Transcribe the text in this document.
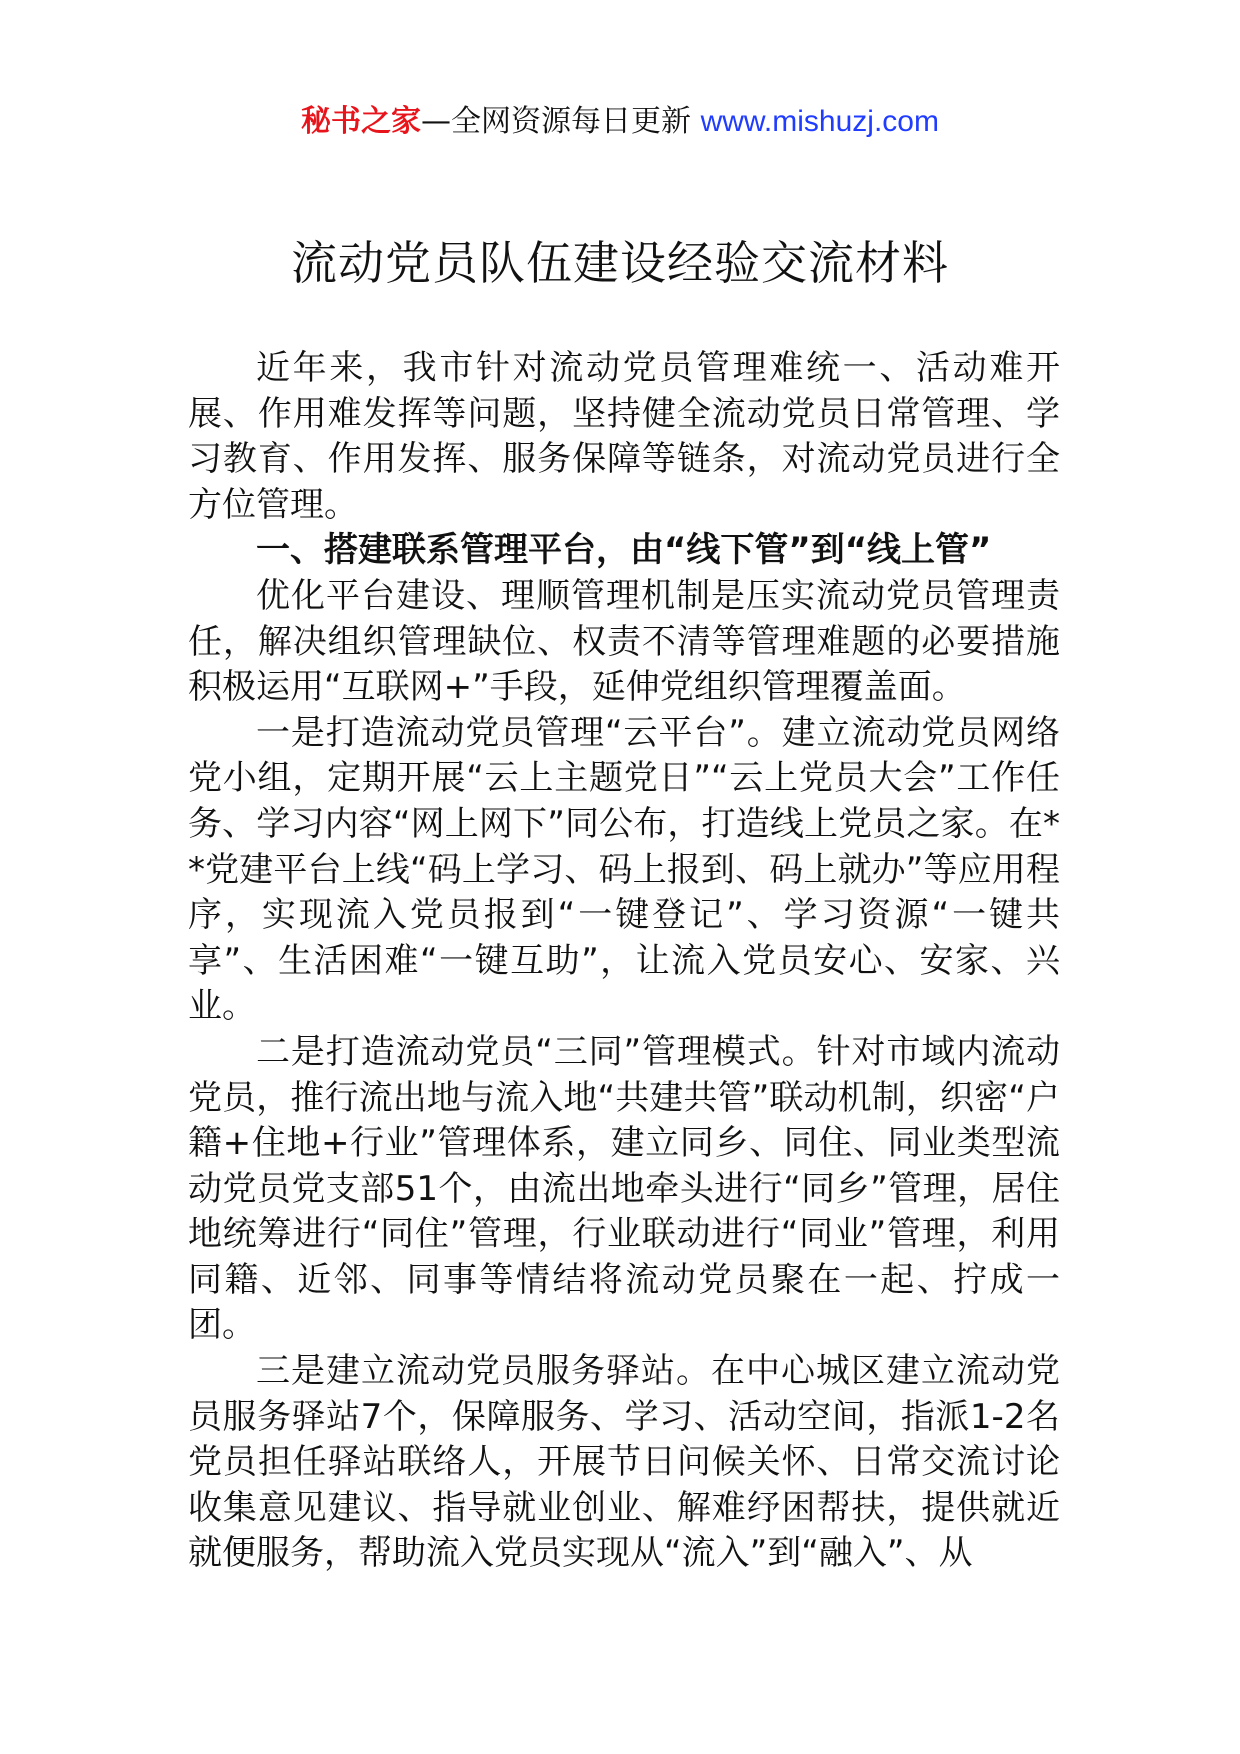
秘书之家—全网资源每日更新 www.mishuzj.com
流动党员队伍建设经验交流材料

近年来，我市针对流动党员管理难统一、活动难开展、作用难发挥等问题，坚持健全流动党员日常管理、学习教育、作用发挥、服务保障等链条，对流动党员进行全方位管理。

一、搭建联系管理平台，由“线下管”到“线上管”

优化平台建设、理顺管理机制是压实流动党员管理责任，解决组织管理缺位、权责不清等管理难题的必要措施积极运用“互联网+”手段，延伸党组织管理覆盖面。

一是打造流动党员管理“云平台”。建立流动党员网络党小组，定期开展“云上主题党日”“云上党员大会”工作任务、学习内容“网上网下”同公布，打造线上党员之家。在**党建平台上线“码上学习、码上报到、码上就办”等应用程序，实现流入党员报到“一键登记”、学习资源“一键共享”、生活困难“一键互助”，让流入党员安心、安家、兴业。

二是打造流动党员“三同”管理模式。针对市域内流动党员，推行流出地与流入地“共建共管”联动机制，织密“户籍+住地+行业”管理体系，建立同乡、同住、同业类型流动党员党支部51个，由流出地牵头进行“同乡”管理，居住地统筹进行“同住”管理，行业联动进行“同业”管理，利用同籍、近邻、同事等情结将流动党员聚在一起、拧成一团。

三是建立流动党员服务驿站。在中心城区建立流动党员服务驿站7个，保障服务、学习、活动空间，指派1-2名党员担任驿站联络人，开展节日问候关怀、日常交流讨论收集意见建议、指导就业创业、解难纾困帮扶，提供就近就便服务，帮助流入党员实现从“流入”到“融入”、从
